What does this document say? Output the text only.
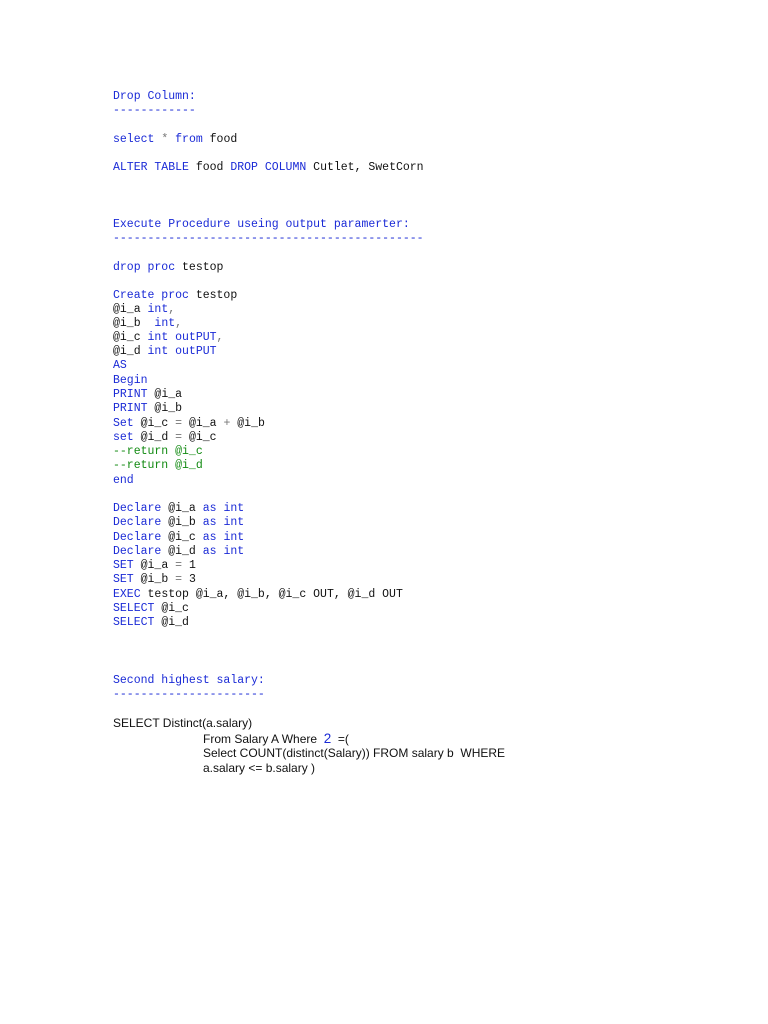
Drop Column:

------------

select * from food

ALTER TABLE food DROP COLUMN Cutlet, SwetCorn

Execute Procedure useing output paramerter:

---------------------------------------------

drop proc testop

Create proc testop

@i_a int,

@i_b  int,

@i_c int outPUT,

@i_d int outPUT

AS

Begin

PRINT @i_a

PRINT @i_b

Set @i_c = @i_a + @i_b

set @i_d = @i_c

--return @i_c

--return @i_d

end

Declare @i_a as int

Declare @i_b as int

Declare @i_c as int

Declare @i_d as int

SET @i_a = 1

SET @i_b = 3

EXEC testop @i_a, @i_b, @i_c OUT, @i_d OUT

SELECT @i_c

SELECT @i_d

Second highest salary:

----------------------

SELECT Distinct(a.salary)

From Salary A Where  2  =(

Select COUNT(distinct(Salary)) FROM salary b  WHERE

a.salary <= b.salary )
